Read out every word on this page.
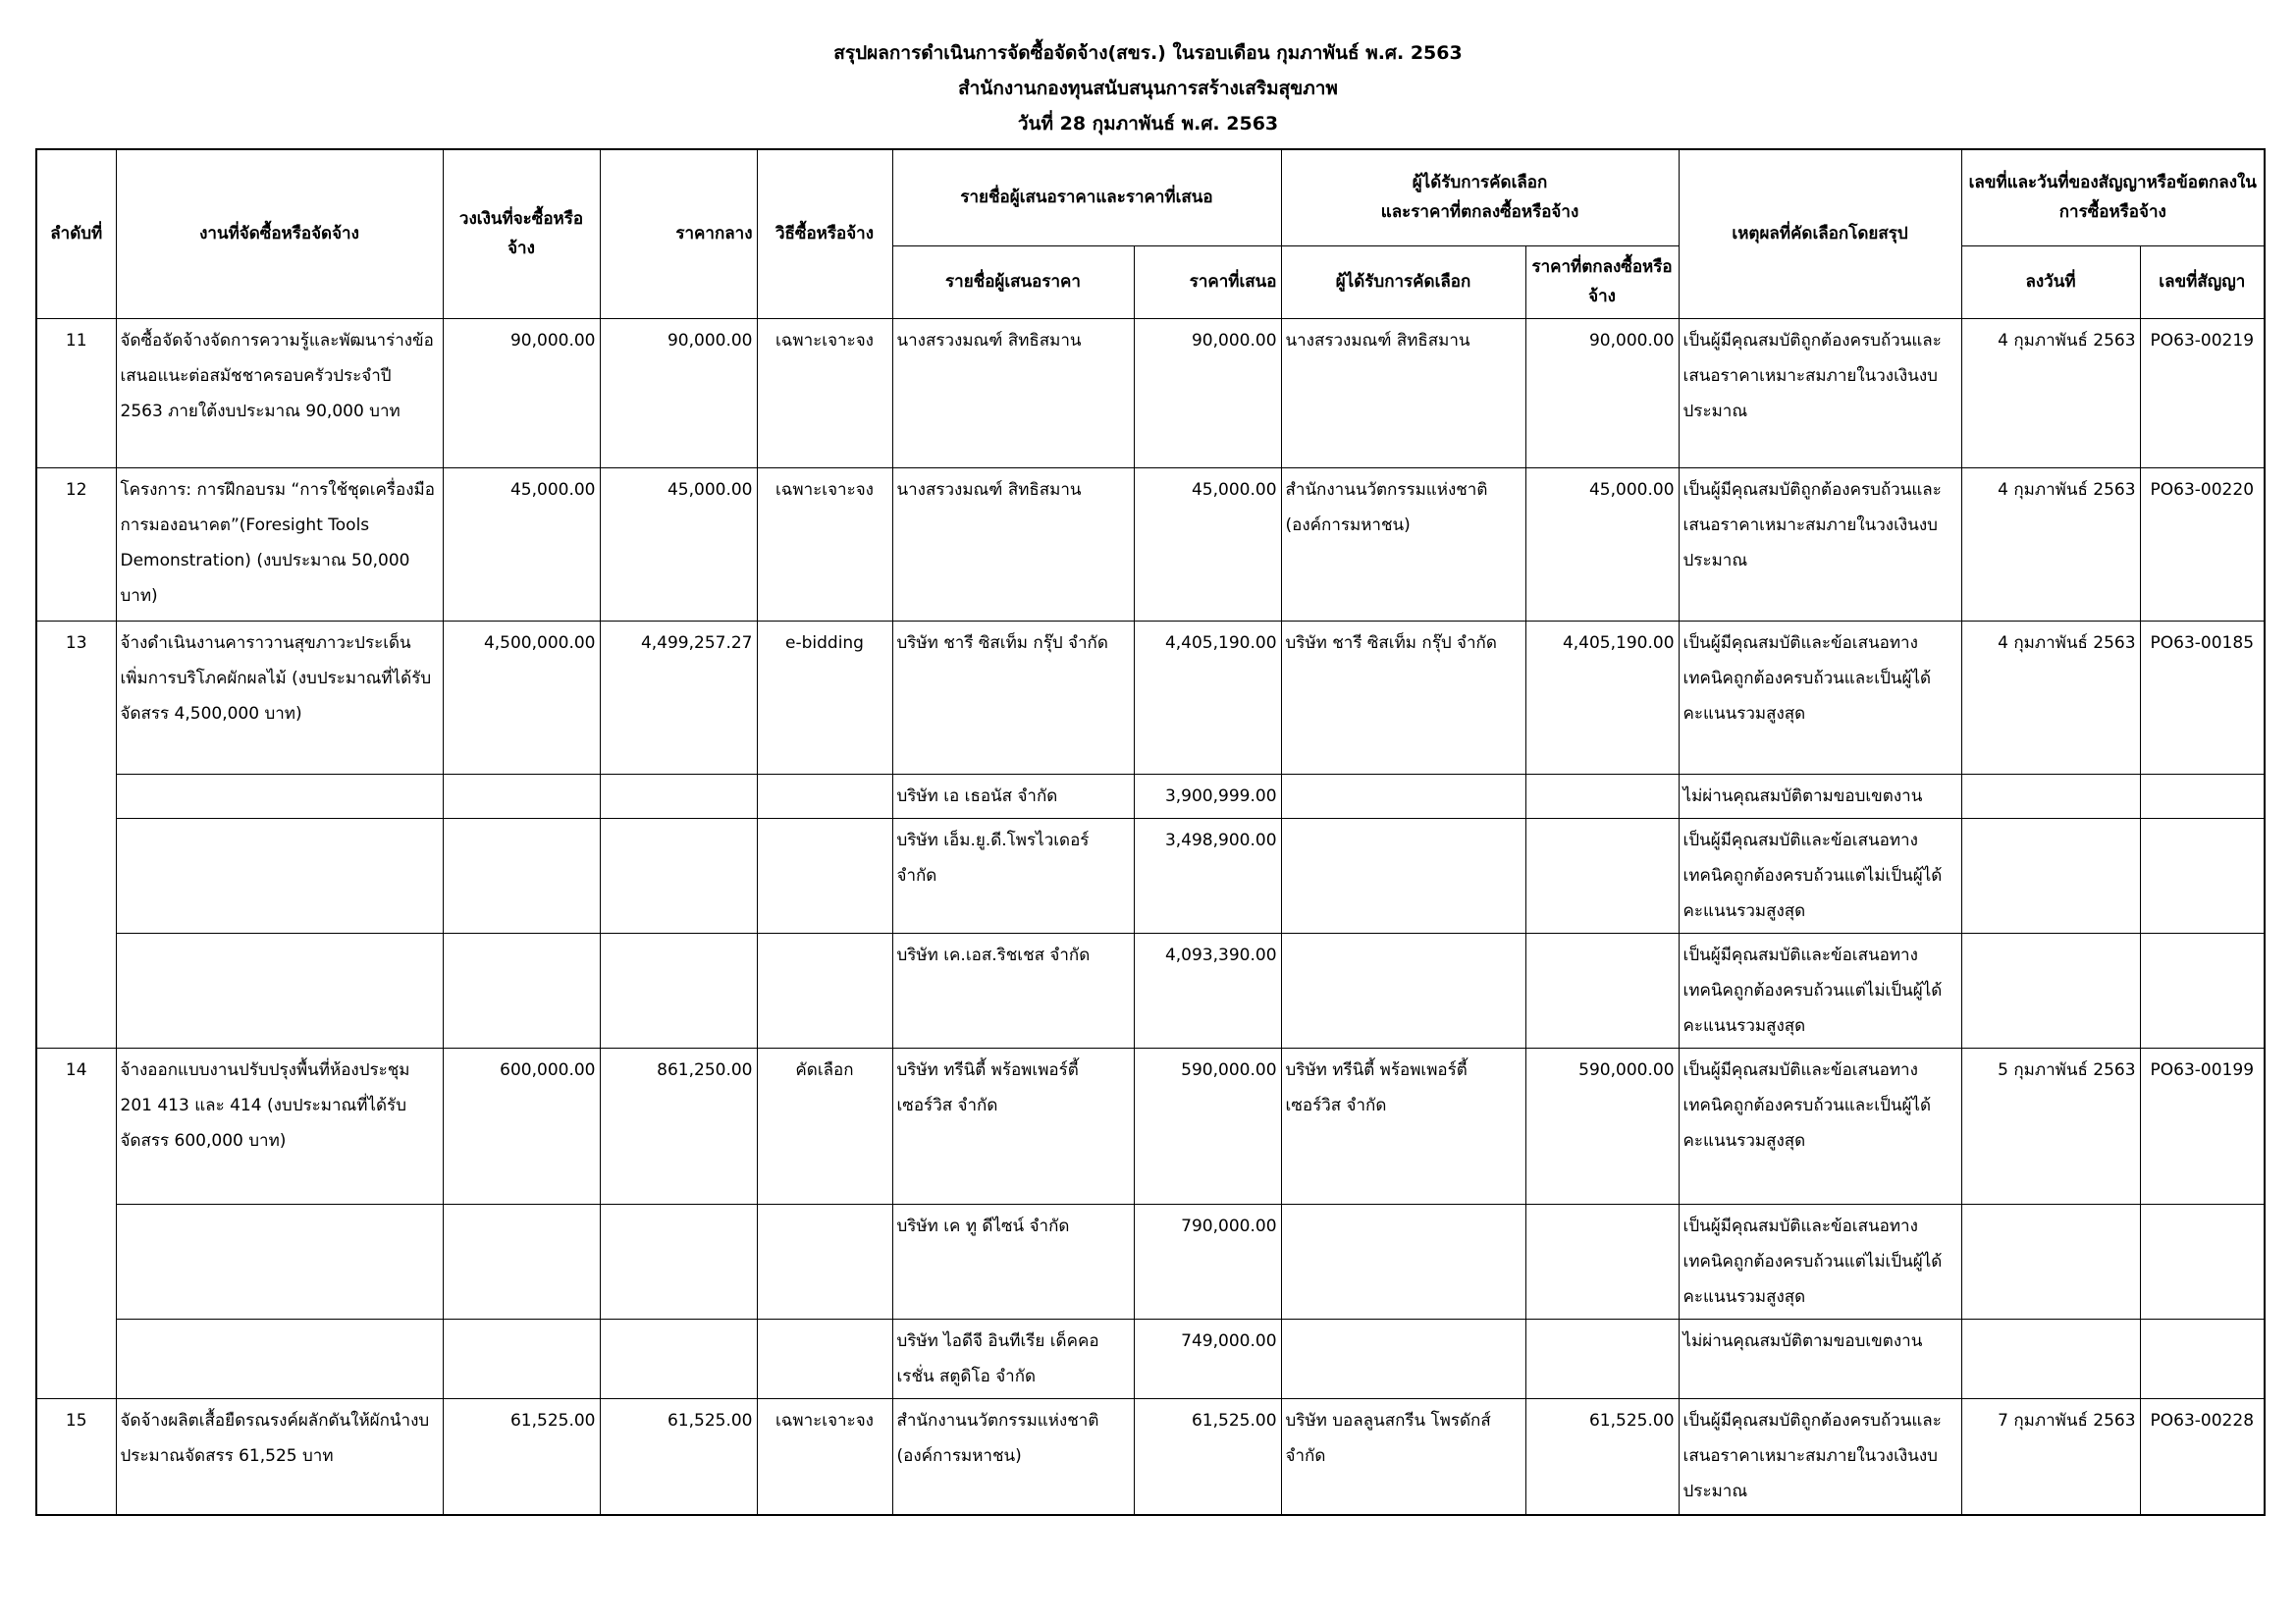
สรุปผลการดำเนินการจัดซื้อจัดจ้าง(สขร.) ในรอบเดือน กุมภาพันธ์ พ.ศ. 2563
สำนักงานกองทุนสนับสนุนการสร้างเสริมสุขภาพ
วันที่ 28 กุมภาพันธ์ พ.ศ. 2563
ลำดับที่	งานที่จัดซื้อหรือจัดจ้าง	วงเงินที่จะซื้อหรือจ้าง	ราคากลาง	วิธีซื้อหรือจ้าง	รายชื่อผู้เสนอราคาและราคาที่เสนอ		ผู้ได้รับการคัดเลือก
และราคาที่ตกลงซื้อหรือจ้าง		เหตุผลที่คัดเลือกโดยสรุป	เลขที่และวันที่ของสัญญาหรือข้อตกลงในการซื้อหรือจ้าง	
					รายชื่อผู้เสนอราคา	ราคาที่เสนอ	ผู้ได้รับการคัดเลือก	ราคาที่ตกลงซื้อหรือจ้าง		ลงวันที่	เลขที่สัญญา
11	จัดซื้อจัดจ้างจัดการความรู้และพัฒนาร่างข้อเสนอแนะต่อสมัชชาครอบครัวประจำปี 2563 ภายใต้งบประมาณ 90,000 บาท	90,000.00	90,000.00	เฉพาะเจาะจง	นางสรวงมณฑ์ สิทธิสมาน	90,000.00	นางสรวงมณฑ์ สิทธิสมาน	90,000.00	เป็นผู้มีคุณสมบัติถูกต้องครบถ้วนและเสนอราคาเหมาะสมภายในวงเงินงบประมาณ	4 กุมภาพันธ์ 2563	PO63-00219
12	โครงการ: การฝึกอบรม “การใช้ชุดเครื่องมือการมองอนาคต”(Foresight Tools Demonstration) (งบประมาณ 50,000 บาท)	45,000.00	45,000.00	เฉพาะเจาะจง	นางสรวงมณฑ์ สิทธิสมาน	45,000.00	สำนักงานนวัตกรรมแห่งชาติ (องค์การมหาชน)	45,000.00	เป็นผู้มีคุณสมบัติถูกต้องครบถ้วนและเสนอราคาเหมาะสมภายในวงเงินงบประมาณ	4 กุมภาพันธ์ 2563	PO63-00220
13	จ้างดำเนินงานคาราวานสุขภาวะประเด็นเพิ่มการบริโภคผักผลไม้ (งบประมาณที่ได้รับจัดสรร 4,500,000 บาท)	4,500,000.00	4,499,257.27	e-bidding	บริษัท ชารี ซิสเท็ม กรุ๊ป จำกัด	4,405,190.00	บริษัท ชารี ซิสเท็ม กรุ๊ป จำกัด	4,405,190.00	เป็นผู้มีคุณสมบัติและข้อเสนอทางเทคนิคถูกต้องครบถ้วนและเป็นผู้ได้คะแนนรวมสูงสุด	4 กุมภาพันธ์ 2563	PO63-00185
					บริษัท เอ เธอนัส จำกัด	3,900,999.00			ไม่ผ่านคุณสมบัติตามขอบเขตงาน		
					บริษัท เอ็ม.ยู.ดี.โพรไวเดอร์ จำกัด	3,498,900.00			เป็นผู้มีคุณสมบัติและข้อเสนอทางเทคนิคถูกต้องครบถ้วนแต่ไม่เป็นผู้ได้คะแนนรวมสูงสุด		
					บริษัท เค.เอส.ริชเชส จำกัด	4,093,390.00			เป็นผู้มีคุณสมบัติและข้อเสนอทางเทคนิคถูกต้องครบถ้วนแต่ไม่เป็นผู้ได้คะแนนรวมสูงสุด		
14	จ้างออกแบบงานปรับปรุงพื้นที่ห้องประชุม 201 413 และ 414 (งบประมาณที่ได้รับจัดสรร 600,000 บาท)	600,000.00	861,250.00	คัดเลือก	บริษัท ทรีนิตี้ พร้อพเพอร์ตี้ เซอร์วิส จำกัด	590,000.00	บริษัท ทรีนิตี้ พร้อพเพอร์ตี้ เซอร์วิส จำกัด	590,000.00	เป็นผู้มีคุณสมบัติและข้อเสนอทางเทคนิคถูกต้องครบถ้วนและเป็นผู้ได้คะแนนรวมสูงสุด	5 กุมภาพันธ์ 2563	PO63-00199
					บริษัท เค ทู ดีไซน์ จำกัด	790,000.00			เป็นผู้มีคุณสมบัติและข้อเสนอทางเทคนิคถูกต้องครบถ้วนแต่ไม่เป็นผู้ได้คะแนนรวมสูงสุด		
					บริษัท ไอดีจี อินทีเรีย เด็คคอเรชั่น สตูดิโอ จำกัด	749,000.00			ไม่ผ่านคุณสมบัติตามขอบเขตงาน		
15	จัดจ้างผลิตเสื้อยืดรณรงค์ผลักดันให้ผักนำงบประมาณจัดสรร 61,525 บาท	61,525.00	61,525.00	เฉพาะเจาะจง	สำนักงานนวัตกรรมแห่งชาติ (องค์การมหาชน)	61,525.00	บริษัท บอลลูนสกรีน โพรดักส์ จำกัด	61,525.00	เป็นผู้มีคุณสมบัติถูกต้องครบถ้วนและเสนอราคาเหมาะสมภายในวงเงินงบประมาณ	7 กุมภาพันธ์ 2563	PO63-00228
